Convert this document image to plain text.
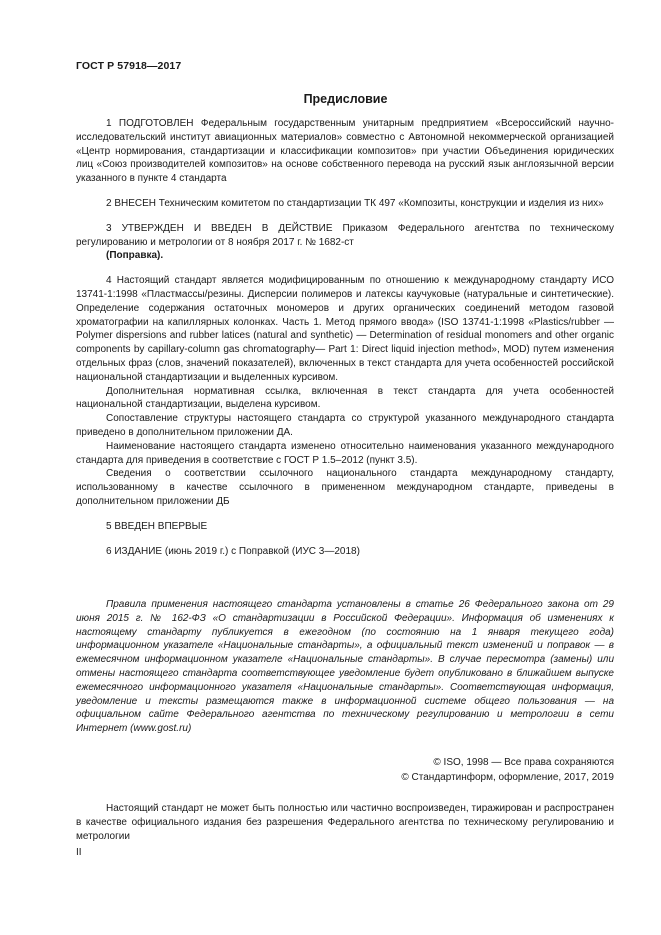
ГОСТ Р 57918—2017
Предисловие

1 ПОДГОТОВЛЕН Федеральным государственным унитарным предприятием «Всероссийский научно-исследовательский институт авиационных материалов» совместно с Автономной некоммерческой организацией «Центр нормирования, стандартизации и классификации композитов» при участии Объединения юридических лиц «Союз производителей композитов» на основе собственного перевода на русский язык англоязычной версии указанного в пункте 4 стандарта

2 ВНЕСЕН Техническим комитетом по стандартизации ТК 497 «Композиты, конструкции и изделия из них»

3 УТВЕРЖДЕН И ВВЕДЕН В ДЕЙСТВИЕ Приказом Федерального агентства по техническому регулированию и метрологии от 8 ноября 2017 г. № 1682-ст

(Поправка).

4 Настоящий стандарт является модифицированным по отношению к международному стандарту ИСО 13741-1:1998 «Пластмассы/резины. Дисперсии полимеров и латексы каучуковые (натуральные и синтетические). Определение содержания остаточных мономеров и других органических соединений методом газовой хроматографии на капиллярных колонках. Часть 1. Метод прямого ввода» (ISO 13741-1:1998 «Plastics/rubber — Polymer dispersions and rubber latices (natural and synthetic) — Determination of residual monomers and other organic components by capillary-column gas chromatography— Part 1: Direct liquid injection method», MOD) путем изменения отдельных фраз (слов, значений показателей), включенных в текст стандарта для учета особенностей российской национальной стандартизации и выделенных курсивом.

Дополнительная нормативная ссылка, включенная в текст стандарта для учета особенностей национальной стандартизации, выделена курсивом.

Сопоставление структуры настоящего стандарта со структурой указанного международного стандарта приведено в дополнительном приложении ДА.

Наименование настоящего стандарта изменено относительно наименования указанного международного стандарта для приведения в соответствие с ГОСТ Р 1.5–2012 (пункт 3.5).

Сведения о соответствии ссылочного национального стандарта международному стандарту, использованному в качестве ссылочного в примененном международном стандарте, приведены в дополнительном приложении ДБ

5 ВВЕДЕН ВПЕРВЫЕ

6 ИЗДАНИЕ (июнь 2019 г.) с Поправкой (ИУС 3—2018)

Правила применения настоящего стандарта установлены в статье 26 Федерального закона от 29 июня 2015 г. № 162-ФЗ «О стандартизации в Российской Федерации». Информация об изменениях к настоящему стандарту публикуется в ежегодном (по состоянию на 1 января текущего года) информационном указателе «Национальные стандарты», а официальный текст изменений и поправок — в ежемесячном информационном указателе «Национальные стандарты». В случае пересмотра (замены) или отмены настоящего стандарта соответствующее уведомление будет опубликовано в ближайшем выпуске ежемесячного информационного указателя «Национальные стандарты». Соответствующая информация, уведомление и тексты размещаются также в информационной системе общего пользования — на официальном сайте Федерального агентства по техническому регулированию и метрологии в сети Интернет (www.gost.ru)

© ISO, 1998 — Все права сохраняются
© Стандартинформ, оформление, 2017, 2019

Настоящий стандарт не может быть полностью или частично воспроизведен, тиражирован и распространен в качестве официального издания без разрешения Федерального агентства по техническому регулированию и метрологии

II
